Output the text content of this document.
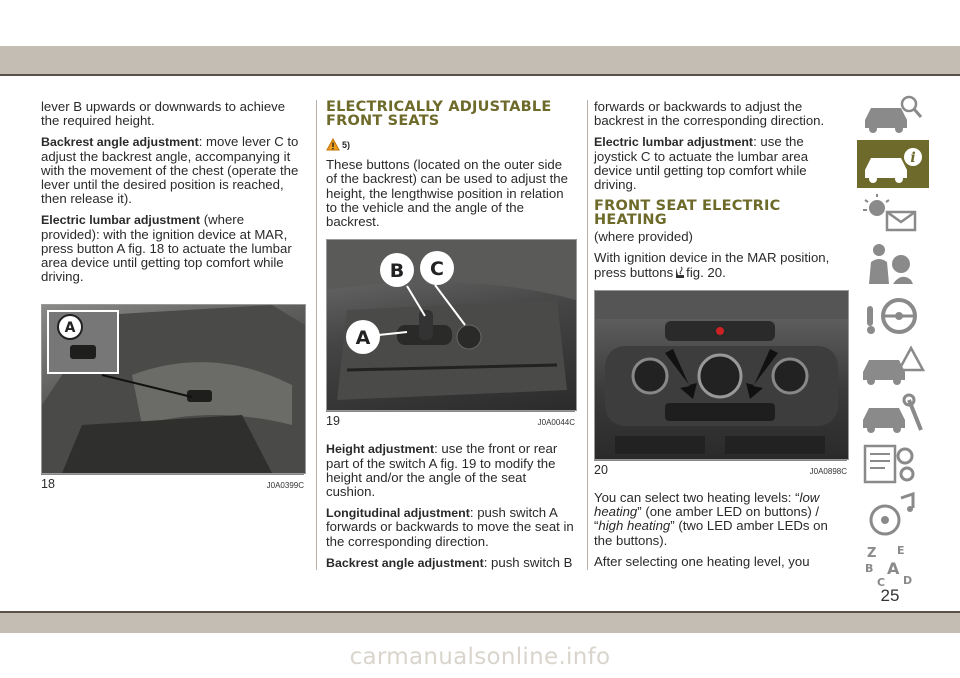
lever B upwards or downwards to achieve the required height.

Backrest angle adjustment: move lever C to adjust the backrest angle, accompanying it with the movement of the chest (operate the lever until the desired position is reached, then release it).

Electric lumbar adjustment (where provided): with the ignition device at MAR, press button A fig. 18 to actuate the lumbar area device until getting top comfort while driving.

A
18	J0A0399C
ELECTRICALLY ADJUSTABLE FRONT SEATS
5)

These buttons (located on the outer side of the backrest) can be used to adjust the height, the lengthwise position in relation to the vehicle and the angle of the backrest.

B C
A
19	J0A0044C

Height adjustment: use the front or rear part of the switch A fig. 19 to modify the height and/or the angle of the seat cushion.

Longitudinal adjustment: push switch A forwards or backwards to move the seat in the corresponding direction.

Backrest angle adjustment: push switch B

forwards or backwards to adjust the backrest in the corresponding direction.

Electric lumbar adjustment: use the joystick C to actuate the lumbar area device until getting top comfort while driving.

FRONT SEAT ELECTRIC HEATING

(where provided)

With ignition device in the MAR position, press buttons fig. 20.

20	J0A0898C

You can select two heating levels: “low heating” (one amber LED on buttons) / “high heating” (two LED amber LEDs on the buttons).

After selecting one heating level, you

i
Z E
B A
C D
25
carmanualsonline.info
